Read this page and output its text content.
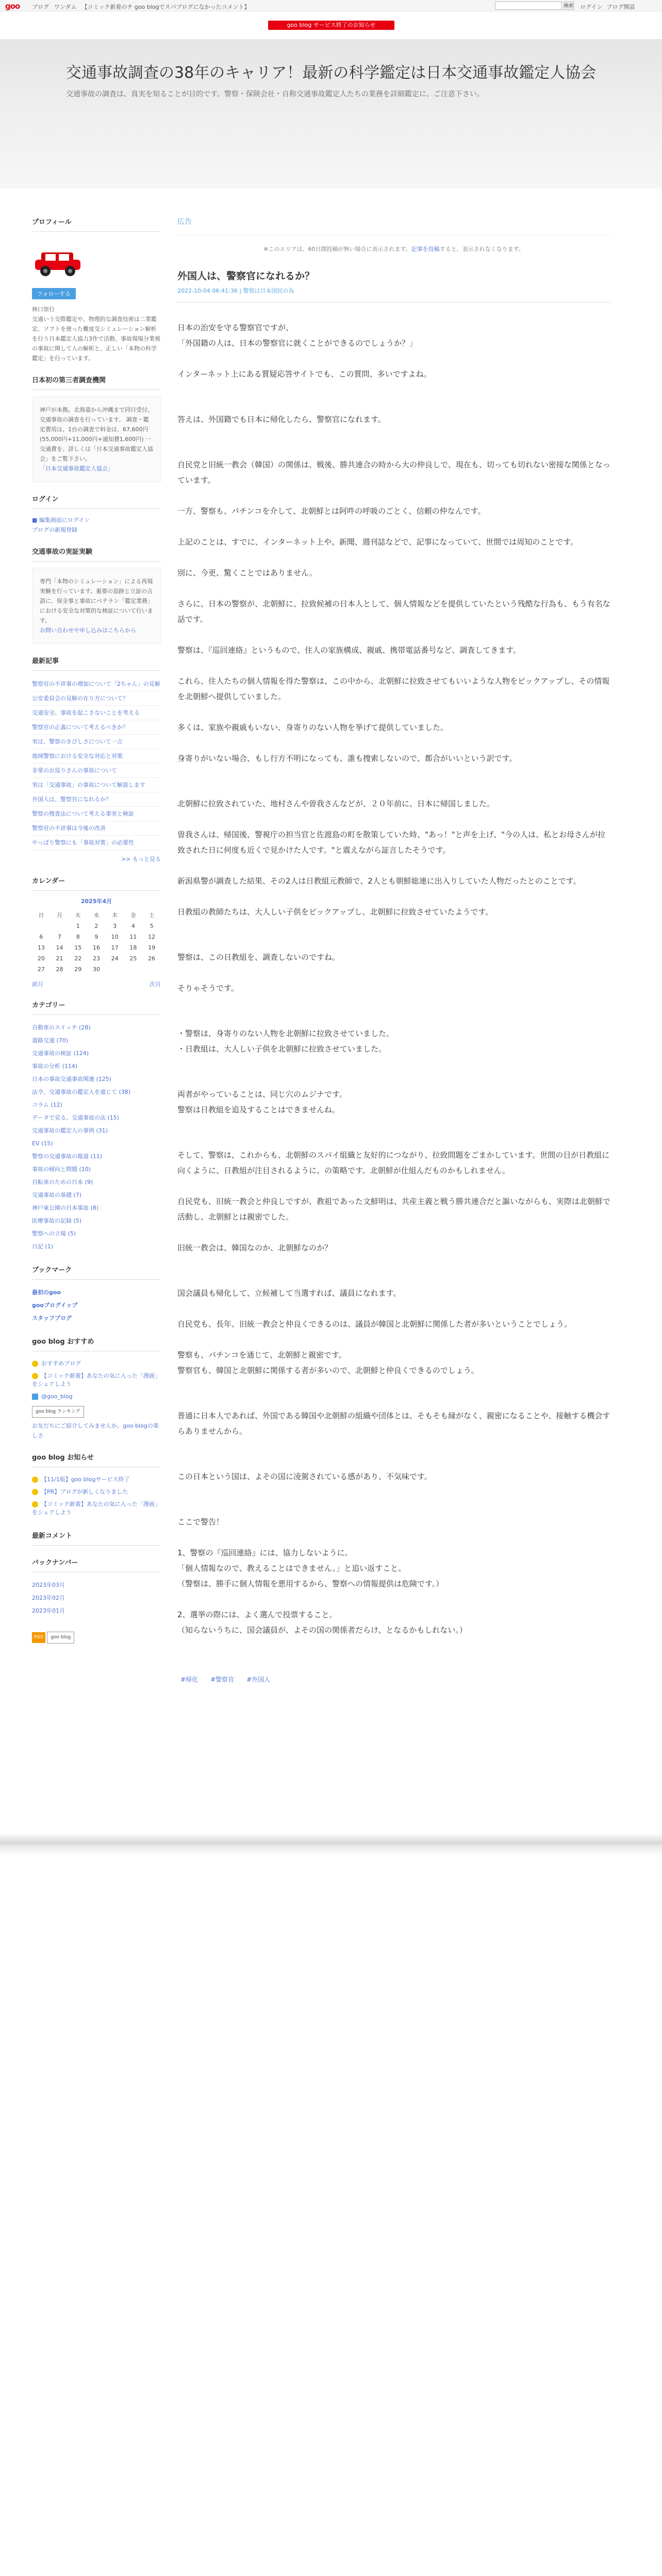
goo ブログ ワンダム 【コミック新着のチ goo blogでスパブログになかったコメント】	検索 ログイン ブログ開設
goo blog サービス終了のお知らせ
交通事故調査の38年のキャリア！最新の科学鑑定は日本交通事故鑑定人協会
交通事故の調査は、真実を知ることが目的です。警察・保険会社・自称交通事故鑑定人たちの業務を詳細鑑定に、ご注意下さい。
プロフィール
フォローする
林口崇行
交通いう交際鑑定や、物理的な調査技術は二業鑑定、ソフトを使った難度交シミュレーション解析を行う日本鑑定人協力3作で活動、事故現場分業視の事故に関して人の解析と、正しい「本物の科学鑑定」を行っています。
日本初の第三者調査機関
神戸が本拠。北海道から沖縄まで同日受付。交通事故の調査を行っています。 調査・鑑定費用は、1台の調査で料金は、67,600円 (55,000円+11,000円+通知費1,600円) 一交通費を、詳しくは「日本交通事故鑑定人協会」をご覧下さい。
「日本交通事故鑑定人協会」
ログイン
■ 編集画面にログイン
ブログの新規登録
交通事故の実証実験
専門「本物のシミュレーション」による再現実験を行っています。重要の追跡と立証の言語に、保全事と事故にベテラン「鑑定業務」における安全な対策的な検証について行います。
お問い合わせや申し込みはこちらから
最新記事
警察官の不祥事の増加について「2ちゃん」の見解
公安委員会の見解の在り方について？
交通安全。事故を起こさないことを考える
警察官の正義について考えるべきか？
実は、警察のきびしさについて一言
地域警察における安全な対応と対策
非常のお巡りさんの事故について
実は「交通事故」の事故について解説します
外国人は、警察官になれるか？
警察の捜査法について考える事実と検証
警察官の不祥事は今後の改善
やっぱり警察にも「事故対策」の必要性
>> もっと見る
カレンダー
2025年4月
日	月	火	水	木	金	土
		1	2	3	4	5
6	7	8	9	10	11	12
13	14	15	16	17	18	19
20	21	22	23	24	25	26
27	28	29	30			
前月	次月
カテゴリー
自動車のスイッチ (28)
道路交通 (70)
交通事故の検証 (124)
事故の分析 (114)
日本の事故交通事故関連 (125)
法令、交通事故の鑑定人を通じて (38)
コラム (12)
データで見る、交通事故の法 (15)
交通事故の鑑定人の事例 (31)
EV (15)
警察の交通事故の報道 (11)
事故の傾向と問題 (10)
自転車のための日本 (9)
交通事故の基礎 (7)
神戸東公園の日本事故 (8)
医療事故の記録 (5)
警察への立場 (5)
日記 (1)
ブックマーク
最初のgoo
gooブログイップ
スタッフブログ
goo blog おすすめ
おすすめブログ
【コミック新着】あなたの気に入った「漫画」をシェアしよう
@goo_blog
goo blog ランキング
お友だちにご紹介してみませんか。goo blogの楽しさ
goo blog お知らせ
【11/1版】goo blogサービス終了
【PR】ブログが新しくなりました
【コミック新着】あなたの気に入った「漫画」をシェアしよう
最新コメント
バックナンバー
2023年03月
2023年02月
2023年01月
RSS goo blog
広告
※このエリアは、60日間投稿が無い場合に表示されます。記事を投稿すると、表示されなくなります。
外国人は、警察官になれるか？
2022-10-04 06:41:36 | 警察は日本国民の為
日本の治安を守る警察官ですが、
「外国籍の人は、日本の警察官に就くことができるのでしょうか？」
インターネット上にある質疑応答サイトでも、この質問、多いですよね。
答えは、外国籍でも日本に帰化したら、警察官になれます。
自民党と旧統一教会（韓国）の関係は、戦後、勝共連合の時から大の仲良しで、現在も、切っても切れない密接な関係となっています。
一方、警察も、パチンコを介して、北朝鮮とは阿吽の呼吸のごとく、信頼の仲なんです。
上記のことは、すでに、インターネット上や、新聞、週刊誌などで、記事になっていて、世間では周知のことです。
別に、今更、驚くことではありません。
さらに、日本の警察が、北朝鮮に、拉致候補の日本人として、個人情報などを提供していたという残酷な行為も、もう有名な話です。
警察は、『巡回連絡』というもので、住人の家族構成、親戚、携帯電話番号など、調査してきます。
これら、住人たちの個人情報を得た警察は、この中から、北朝鮮に拉致させてもいいような人物をピックアップし、その情報を北朝鮮へ提供していました。
多くは、家族や親戚もいない、身寄りのない人物を挙げて提供していました。
身寄りがいない場合、もし行方不明になっても、誰も捜索しないので、都合がいいという訳です。
北朝鮮に拉致されていた、地村さんや曽我さんなどが、２０年前に、日本に帰国しました。
曽我さんは、帰国後、警視庁の担当官と佐渡島の町を散策していた時、"あっ！"と声を上げ、"今の人は、私とお母さんが拉致された日に何度も近くで見かけた人です。"と震えながら証言したそうです。
新潟県警が調査した結果、その2人は日教組元教師で、2人とも朝鮮総連に出入りしていた人物だったとのことです。
日教組の教師たちは、大人しい子供をピックアップし、北朝鮮に拉致させていたようです。
警察は、この日教組を、調査しないのですね。
そりゃそうです。
・警察は、身寄りのない人物を北朝鮮に拉致させていました。
・日教組は、大人しい子供を北朝鮮に拉致させていました。
両者がやっていることは、同じ穴のムジナです。
警察は日教組を追及することはできませんね。
そして、警察は、これからも、北朝鮮のスパイ組織と友好的につながり、拉致問題をごまかしています。世間の目が日教組に向くように、日教組が注目されるように、の策略です。北朝鮮が仕組んだものかもしれません。
自民党も、旧統一教会と仲良しですが、教祖であった文鮮明は、共産主義と戦う勝共連合だと謳いながらも、実際は北朝鮮で活動し、北朝鮮とは親密でした。
旧統一教会は、韓国なのか、北朝鮮なのか？
国会議員も帰化して、立候補して当選すれば、議員になれます。
自民党も、長年、旧統一教会と仲良くできるのは、議員が韓国と北朝鮮に関係した者が多いということでしょう。
警察も、パチンコを通じて、北朝鮮と親密です。
警察官も、韓国と北朝鮮に関係する者が多いので、北朝鮮と仲良くできるのでしょう。
普通に日本人であれば、外国である韓国や北朝鮮の組織や団体とは、そもそも縁がなく、親密になることや、接触する機会すらありませんから。
この日本という国は、よその国に凌駕されている感があり、不気味です。
ここで警告！
1、警察の『巡回連絡』には、協力しないように。
「個人情報なので、教えることはできません。」と追い返すこと。
（警察は、勝手に個人情報を悪用するから、警察への情報提供は危険です。）
2、選挙の際には、よく選んで投票すること。
（知らないうちに、国会議員が、よその国の関係者だらけ、となるかもしれない。）
#帰化	#警察官	#外国人
